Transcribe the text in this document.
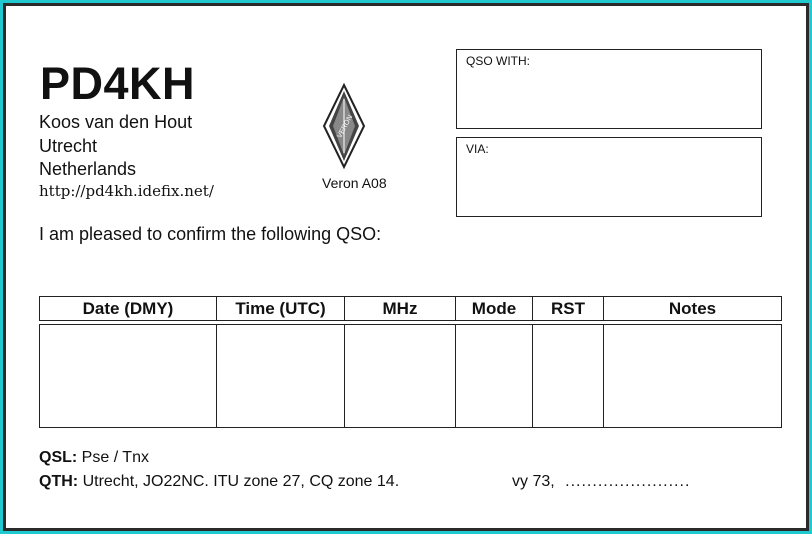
PD4KH
Koos van den Hout
Utrecht
Netherlands
http://pd4kh.idefix.net/
VERON
Veron A08
QSO WITH:
VIA:
I am pleased to confirm the following QSO:
Date (DMY)	Time (UTC)	MHz	Mode	RST	Notes
QSL: Pse / Tnx
QTH: Utrecht, JO22NC. ITU zone 27, CQ zone 14.	vy 73, .......................
